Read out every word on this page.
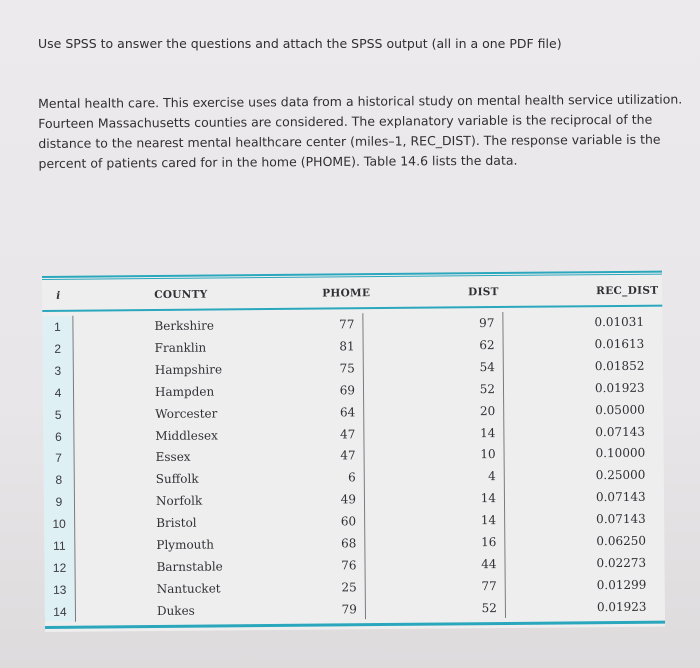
Use SPSS to answer the questions and attach the SPSS output (all in a one PDF file)
Mental health care. This exercise uses data from a historical study on mental health service utilization. Fourteen Massachusetts counties are considered. The explanatory variable is the reciprocal of the distance to the nearest mental healthcare center (miles–1, REC_DIST). The response variable is the percent of patients cared for in the home (PHOME). Table 14.6 lists the data.
i	COUNTY	PHOME	DIST	REC_DIST
1	Berkshire	77	97	0.01031
2	Franklin	81	62	0.01613
3	Hampshire	75	54	0.01852
4	Hampden	69	52	0.01923
5	Worcester	64	20	0.05000
6	Middlesex	47	14	0.07143
7	Essex	47	10	0.10000
8	Suffolk	6	4	0.25000
9	Norfolk	49	14	0.07143
10	Bristol	60	14	0.07143
11	Plymouth	68	16	0.06250
12	Barnstable	76	44	0.02273
13	Nantucket	25	77	0.01299
14	Dukes	79	52	0.01923
